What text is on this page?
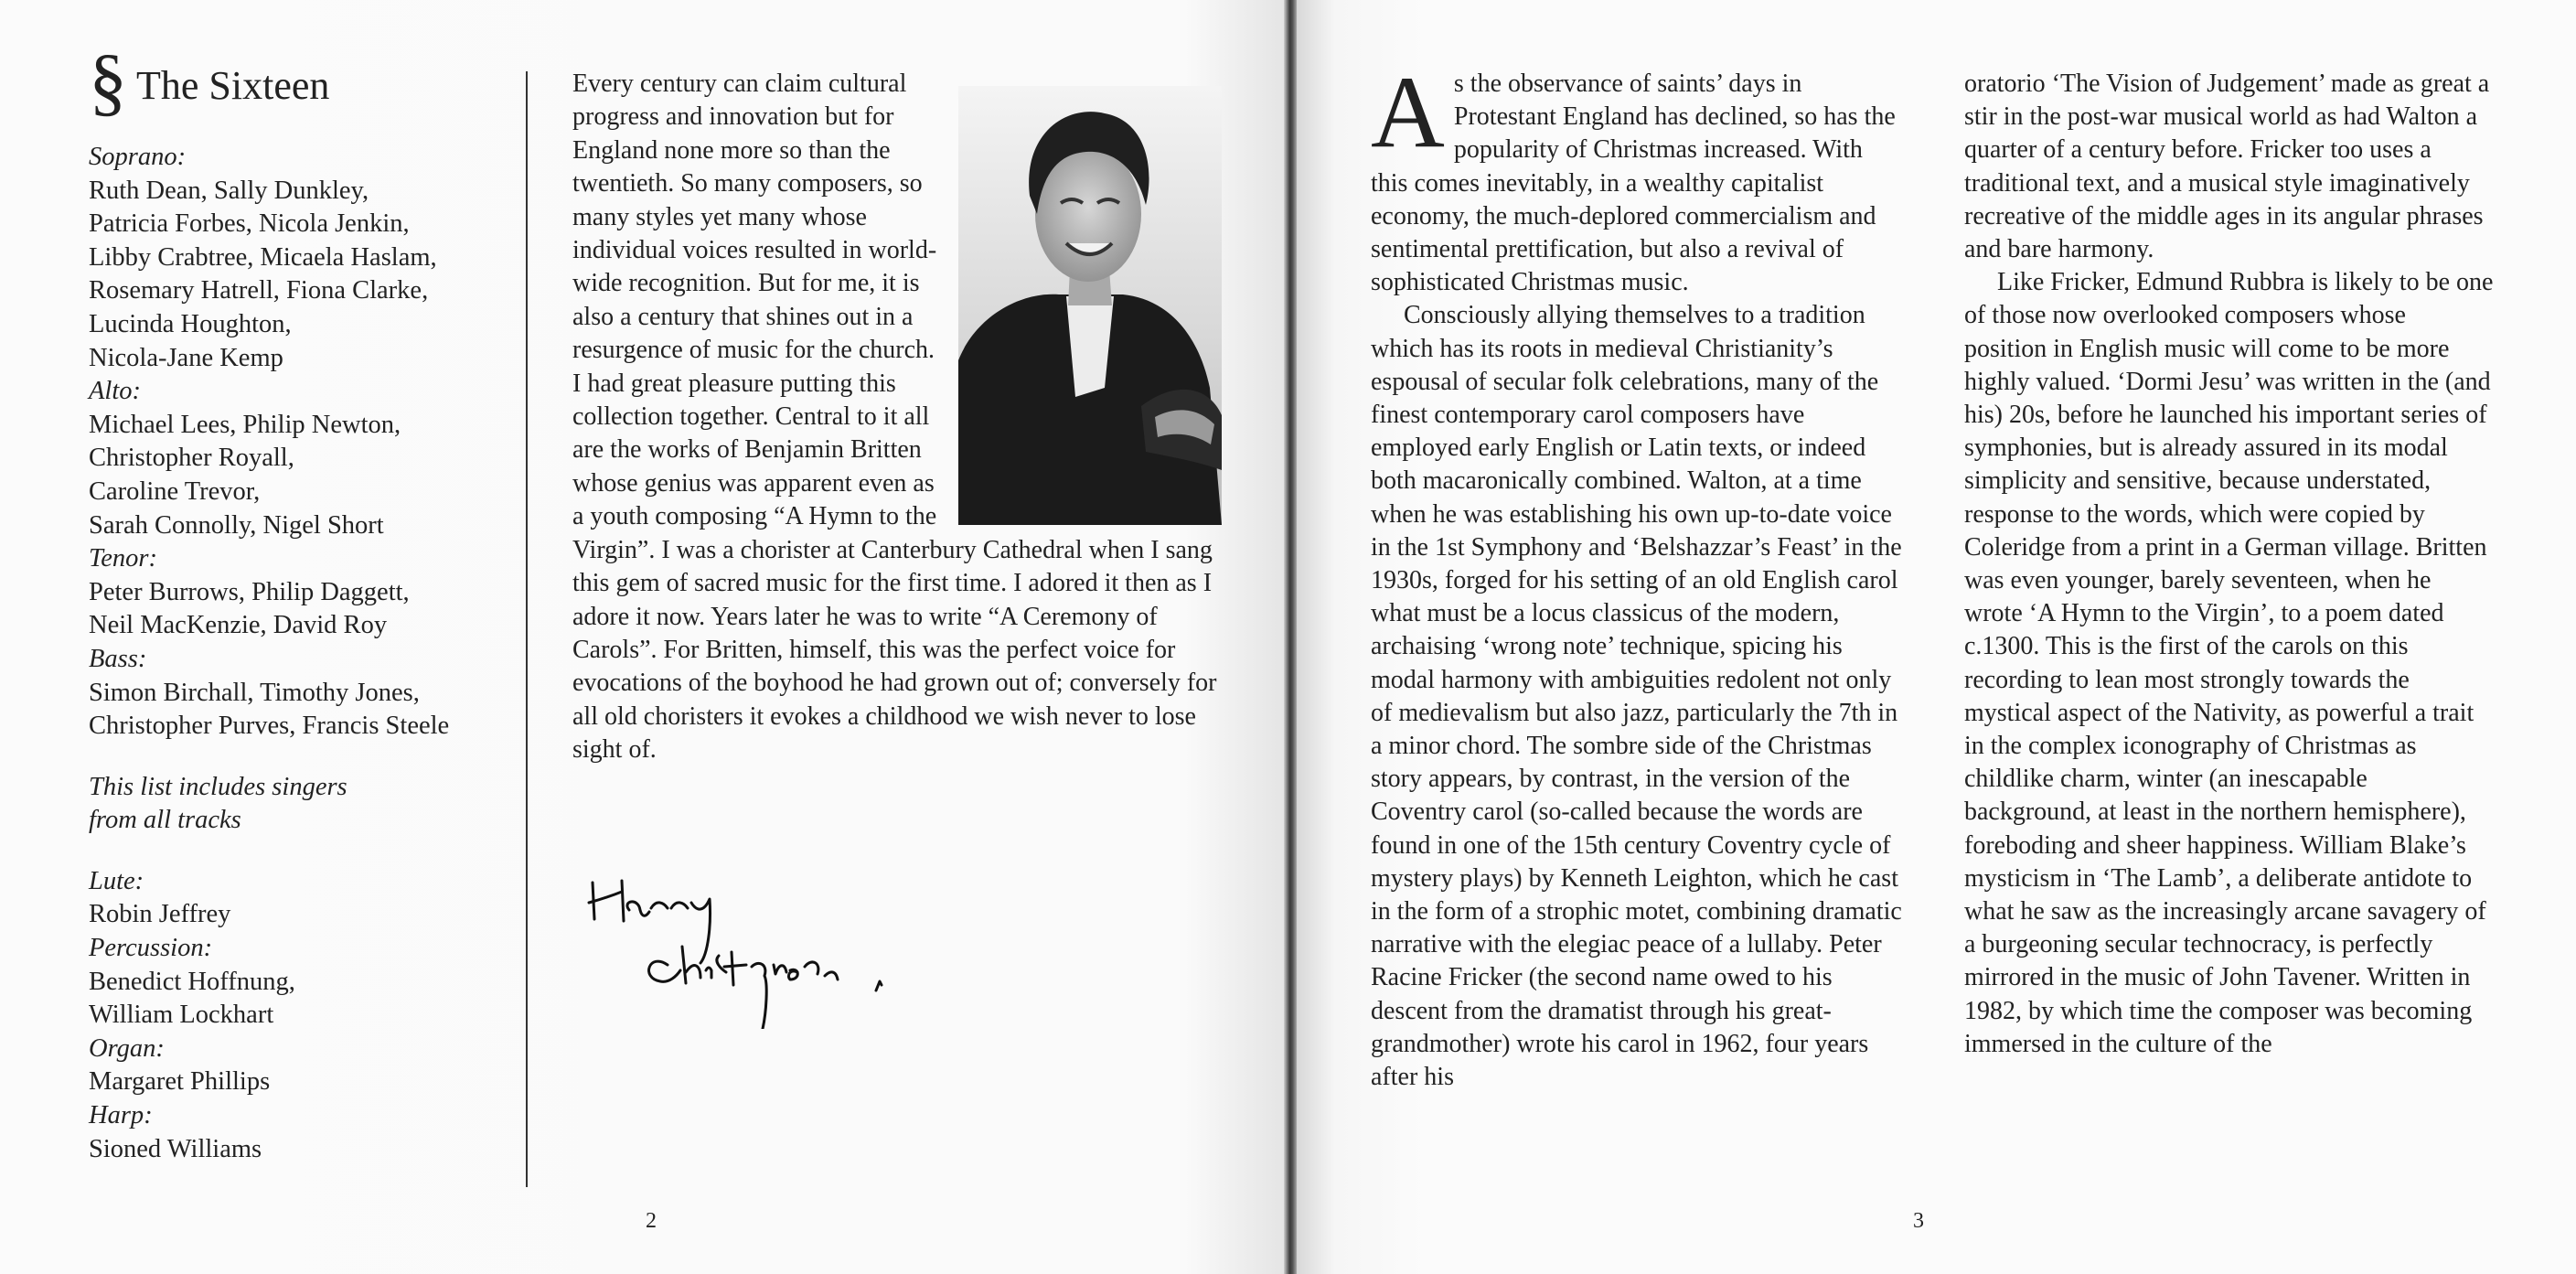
§ The Sixteen
Soprano:
Ruth Dean, Sally Dunkley,
Patricia Forbes, Nicola Jenkin,
Libby Crabtree, Micaela Haslam,
Rosemary Hatrell, Fiona Clarke,
Lucinda Houghton,
Nicola-Jane Kemp
Alto:
Michael Lees, Philip Newton,
Christopher Royall,
Caroline Trevor,
Sarah Connolly, Nigel Short
Tenor:
Peter Burrows, Philip Daggett,
Neil MacKenzie, David Roy
Bass:
Simon Birchall, Timothy Jones,
Christopher Purves, Francis Steele
This list includes singers
from all tracks
Lute:
Robin Jeffrey
Percussion:
Benedict Hoffnung,
William Lockhart
Organ:
Margaret Phillips
Harp:
Sioned Williams

Every century can claim cultural progress and innovation but for England none more so than the twentieth. So many composers, so many styles yet many whose individual voices resulted in world-wide recognition. But for me, it is also a century that shines out in a resurgence of music for the church. I had great pleasure putting this collection together. Central to it all are the works of Benjamin Britten whose genius was apparent even as a youth composing “A Hymn to the Virgin”. I was a chorister at Canterbury Cathedral when I sang this gem of sacred music for the first time. I adored it then as I adore it now. Years later he was to write “A Ceremony of Carols”. For Britten, himself, this was the perfect voice for evocations of the boyhood he had grown out of; conversely for all old choristers it evokes a childhood we wish never to lose sight of.

2

As the observance of saints’ days in Protestant England has declined, so has the popularity of Christmas increased. With this comes inevitably, in a wealthy capitalist economy, the much-deplored commercialism and sentimental prettification, but also a revival of sophisticated Christmas music.

Consciously allying themselves to a tradition which has its roots in medieval Christianity’s espousal of secular folk celebrations, many of the finest contemporary carol composers have employed early English or Latin texts, or indeed both macaronically combined. Walton, at a time when he was establishing his own up-to-date voice in the 1st Symphony and ‘Belshazzar’s Feast’ in the 1930s, forged for his setting of an old English carol what must be a locus classicus of the modern, archaising ‘wrong note’ technique, spicing his modal harmony with ambiguities redolent not only of medievalism but also jazz, particularly the 7th in a minor chord. The sombre side of the Christmas story appears, by contrast, in the version of the Coventry carol (so-called because the words are found in one of the 15th century Coventry cycle of mystery plays) by Kenneth Leighton, which he cast in the form of a strophic motet, combining dramatic narrative with the elegiac peace of a lullaby. Peter Racine Fricker (the second name owed to his descent from the dramatist through his great-grandmother) wrote his carol in 1962, four years after his

oratorio ‘The Vision of Judgement’ made as great a stir in the post-war musical world as had Walton a quarter of a century before. Fricker too uses a traditional text, and a musical style imaginatively recreative of the middle ages in its angular phrases and bare harmony.

Like Fricker, Edmund Rubbra is likely to be one of those now overlooked composers whose position in English music will come to be more highly valued. ‘Dormi Jesu’ was written in the (and his) 20s, before he launched his important series of symphonies, but is already assured in its modal simplicity and sensitive, because understated, response to the words, which were copied by Coleridge from a print in a German village. Britten was even younger, barely seventeen, when he wrote ‘A Hymn to the Virgin’, to a poem dated c.1300. This is the first of the carols on this recording to lean most strongly towards the mystical aspect of the Nativity, as powerful a trait in the complex iconography of Christmas as childlike charm, winter (an inescapable background, at least in the northern hemisphere), foreboding and sheer happiness. William Blake’s mysticism in ‘The Lamb’, a deliberate antidote to what he saw as the increasingly arcane savagery of a burgeoning secular technocracy, is perfectly mirrored in the music of John Tavener. Written in 1982, by which time the composer was becoming immersed in the culture of the

3
